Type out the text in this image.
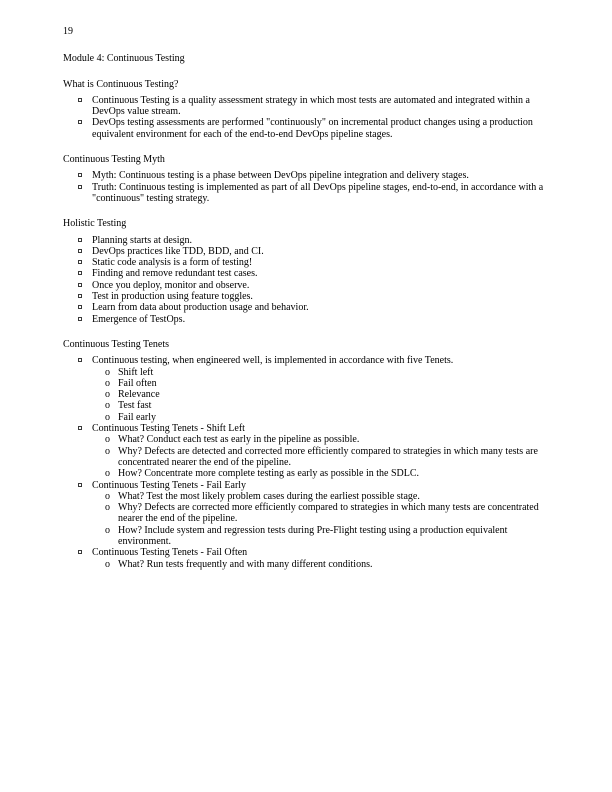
19
Module 4: Continuous Testing
What is Continuous Testing?
Continuous Testing is a quality assessment strategy in which most tests are automated and integrated within a DevOps value stream.
DevOps testing assessments are performed "continuously" on incremental product changes using a production equivalent environment for each of the end-to-end DevOps pipeline stages.
Continuous Testing Myth
Myth: Continuous testing is a phase between DevOps pipeline integration and delivery stages.
Truth: Continuous testing is implemented as part of all DevOps pipeline stages, end-to-end, in accordance with a "continuous" testing strategy.
Holistic Testing
Planning starts at design.
DevOps practices like TDD, BDD, and CI.
Static code analysis is a form of testing!
Finding and remove redundant test cases.
Once you deploy, monitor and observe.
Test in production using feature toggles.
Learn from data about production usage and behavior.
Emergence of TestOps.
Continuous Testing Tenets
Continuous testing, when engineered well, is implemented in accordance with five Tenets.
o Shift left
o Fail often
o Relevance
o Test fast
o Fail early
Continuous Testing Tenets - Shift Left
o What? Conduct each test as early in the pipeline as possible.
o Why? Defects are detected and corrected more efficiently compared to strategies in which many tests are concentrated nearer the end of the pipeline.
o How? Concentrate more complete testing as early as possible in the SDLC.
Continuous Testing Tenets - Fail Early
o What? Test the most likely problem cases during the earliest possible stage.
o Why? Defects are corrected more efficiently compared to strategies in which many tests are concentrated nearer the end of the pipeline.
o How? Include system and regression tests during Pre-Flight testing using a production equivalent environment.
Continuous Testing Tenets - Fail Often
o What? Run tests frequently and with many different conditions.
